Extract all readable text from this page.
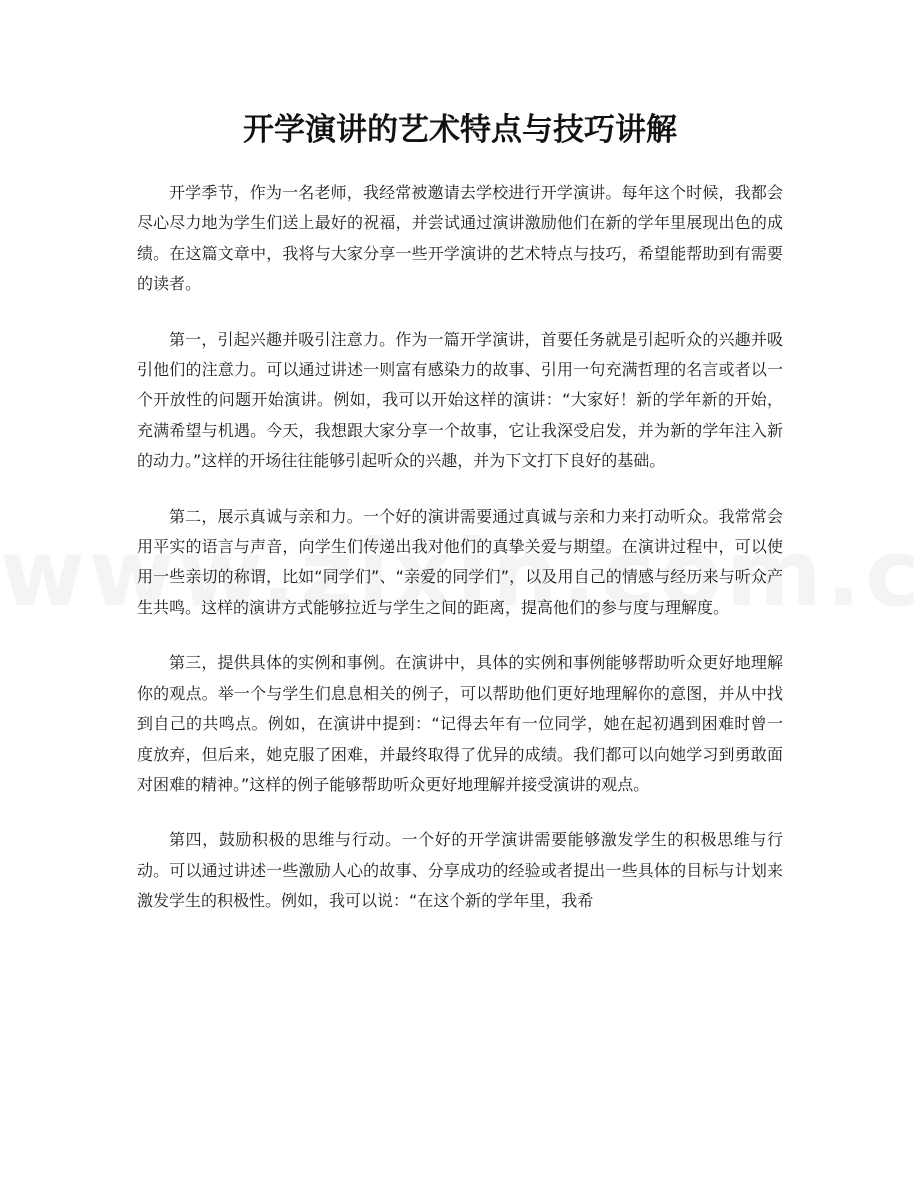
开学演讲的艺术特点与技巧讲解

开学季节，作为一名老师，我经常被邀请去学校进行开学演讲。每年这个时候，我都会尽心尽力地为学生们送上最好的祝福，并尝试通过演讲激励他们在新的学年里展现出色的成绩。在这篇文章中，我将与大家分享一些开学演讲的艺术特点与技巧，希望能帮助到有需要的读者。

第一，引起兴趣并吸引注意力。作为一篇开学演讲，首要任务就是引起听众的兴趣并吸引他们的注意力。可以通过讲述一则富有感染力的故事、引用一句充满哲理的名言或者以一个开放性的问题开始演讲。例如，我可以开始这样的演讲：“大家好！新的学年新的开始，充满希望与机遇。今天，我想跟大家分享一个故事，它让我深受启发，并为新的学年注入新的动力。”这样的开场往往能够引起听众的兴趣，并为下文打下良好的基础。

第二，展示真诚与亲和力。一个好的演讲需要通过真诚与亲和力来打动听众。我常常会用平实的语言与声音，向学生们传递出我对他们的真挚关爱与期望。在演讲过程中，可以使用一些亲切的称谓，比如“同学们”、“亲爱的同学们”，以及用自己的情感与经历来与听众产生共鸣。这样的演讲方式能够拉近与学生之间的距离，提高他们的参与度与理解度。

第三，提供具体的实例和事例。在演讲中，具体的实例和事例能够帮助听众更好地理解你的观点。举一个与学生们息息相关的例子，可以帮助他们更好地理解你的意图，并从中找到自己的共鸣点。例如，在演讲中提到：“记得去年有一位同学，她在起初遇到困难时曾一度放弃，但后来，她克服了困难，并最终取得了优异的成绩。我们都可以向她学习到勇敢面对困难的精神。”这样的例子能够帮助听众更好地理解并接受演讲的观点。

第四，鼓励积极的思维与行动。一个好的开学演讲需要能够激发学生的积极思维与行动。可以通过讲述一些激励人心的故事、分享成功的经验或者提出一些具体的目标与计划来激发学生的积极性。例如，我可以说：“在这个新的学年里，我希
